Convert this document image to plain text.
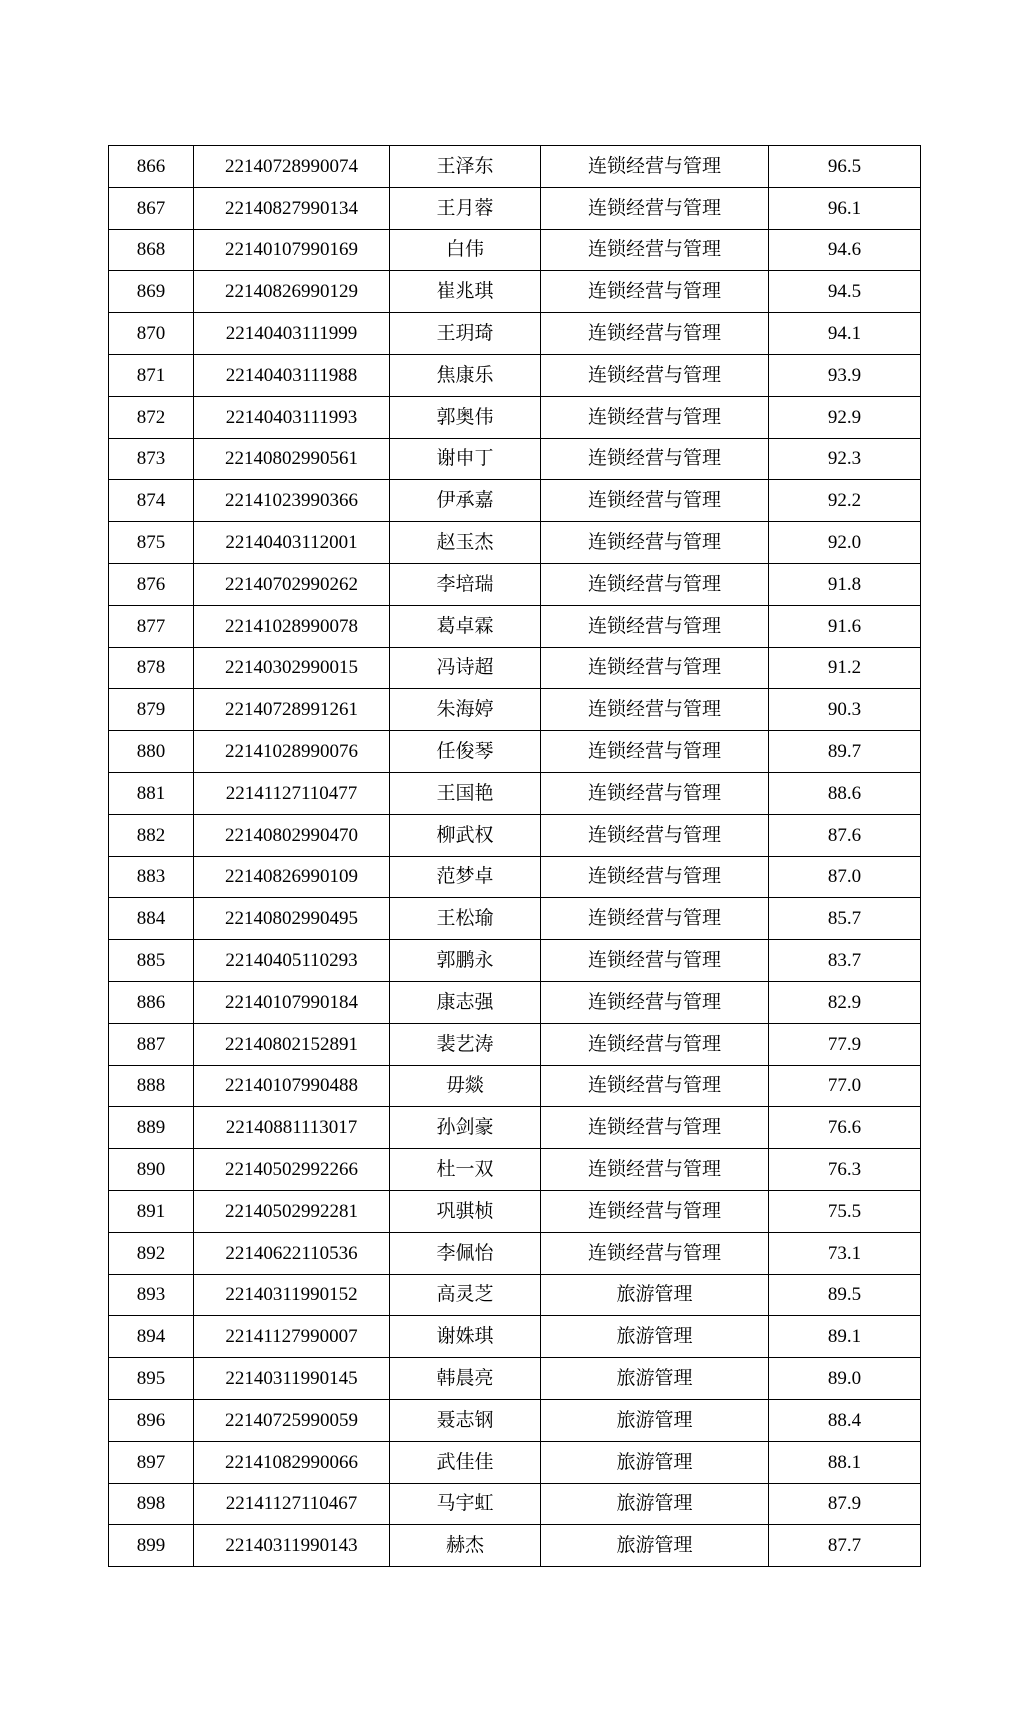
866	22140728990074	王泽东	连锁经营与管理	96.5
867	22140827990134	王月蓉	连锁经营与管理	96.1
868	22140107990169	白伟	连锁经营与管理	94.6
869	22140826990129	崔兆琪	连锁经营与管理	94.5
870	22140403111999	王玥琦	连锁经营与管理	94.1
871	22140403111988	焦康乐	连锁经营与管理	93.9
872	22140403111993	郭奥伟	连锁经营与管理	92.9
873	22140802990561	谢申丁	连锁经营与管理	92.3
874	22141023990366	伊承嘉	连锁经营与管理	92.2
875	22140403112001	赵玉杰	连锁经营与管理	92.0
876	22140702990262	李培瑞	连锁经营与管理	91.8
877	22141028990078	葛卓霖	连锁经营与管理	91.6
878	22140302990015	冯诗超	连锁经营与管理	91.2
879	22140728991261	朱海婷	连锁经营与管理	90.3
880	22141028990076	任俊琴	连锁经营与管理	89.7
881	22141127110477	王国艳	连锁经营与管理	88.6
882	22140802990470	柳武权	连锁经营与管理	87.6
883	22140826990109	范梦卓	连锁经营与管理	87.0
884	22140802990495	王松瑜	连锁经营与管理	85.7
885	22140405110293	郭鹏永	连锁经营与管理	83.7
886	22140107990184	康志强	连锁经营与管理	82.9
887	22140802152891	裴艺涛	连锁经营与管理	77.9
888	22140107990488	毋燚	连锁经营与管理	77.0
889	22140881113017	孙剑豪	连锁经营与管理	76.6
890	22140502992266	杜一双	连锁经营与管理	76.3
891	22140502992281	巩骐桢	连锁经营与管理	75.5
892	22140622110536	李佩怡	连锁经营与管理	73.1
893	22140311990152	高灵芝	旅游管理	89.5
894	22141127990007	谢姝琪	旅游管理	89.1
895	22140311990145	韩晨亮	旅游管理	89.0
896	22140725990059	聂志钢	旅游管理	88.4
897	22141082990066	武佳佳	旅游管理	88.1
898	22141127110467	马宇虹	旅游管理	87.9
899	22140311990143	赫杰	旅游管理	87.7
